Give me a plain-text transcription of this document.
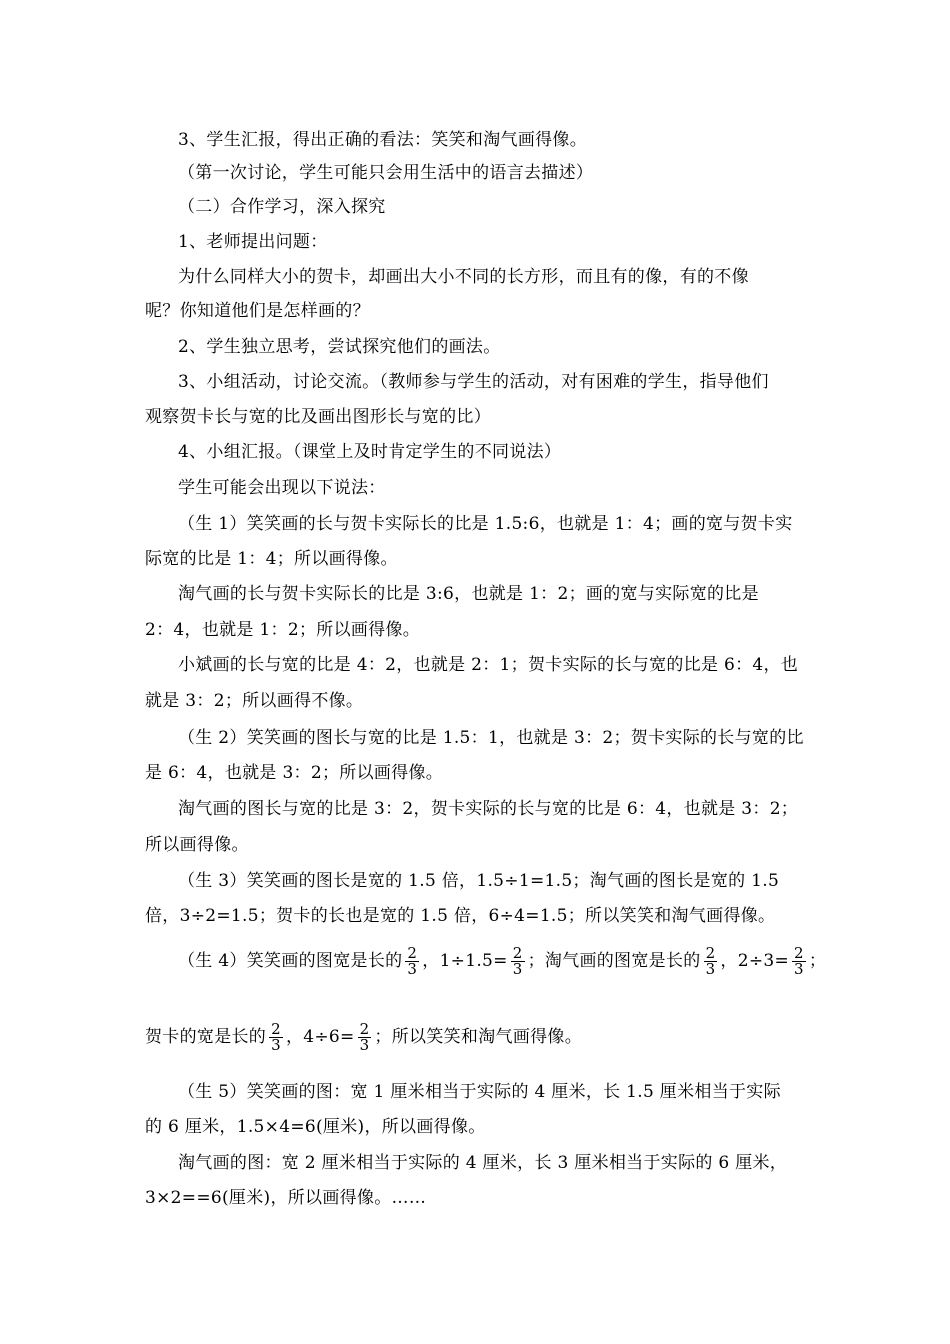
3、学生汇报，得出正确的看法：笑笑和淘气画得像。
（第一次讨论，学生可能只会用生活中的语言去描述）
（二）合作学习，深入探究
1、老师提出问题：
为什么同样大小的贺卡，却画出大小不同的长方形，而且有的像，有的不像
呢？你知道他们是怎样画的？
2、学生独立思考，尝试探究他们的画法。
3、小组活动，讨论交流。（教师参与学生的活动，对有困难的学生，指导他们
观察贺卡长与宽的比及画出图形长与宽的比）
4、小组汇报。（课堂上及时肯定学生的不同说法）
学生可能会出现以下说法：
（生 1）笑笑画的长与贺卡实际长的比是 1.5:6，也就是 1：4；画的宽与贺卡实
际宽的比是 1：4；所以画得像。
淘气画的长与贺卡实际长的比是 3:6，也就是 1：2；画的宽与实际宽的比是
2：4，也就是 1：2；所以画得像。
小斌画的长与宽的比是 4：2，也就是 2：1；贺卡实际的长与宽的比是 6：4，也
就是 3：2；所以画得不像。
（生 2）笑笑画的图长与宽的比是 1.5：1，也就是 3：2；贺卡实际的长与宽的比
是 6：4，也就是 3：2；所以画得像。
淘气画的图长与宽的比是 3：2，贺卡实际的长与宽的比是 6：4，也就是 3：2；
所以画得像。
（生 3）笑笑画的图长是宽的 1.5 倍，1.5÷1=1.5；淘气画的图长是宽的 1.5
倍，3÷2=1.5；贺卡的长也是宽的 1.5 倍，6÷4=1.5；所以笑笑和淘气画得像。
（生 4）笑笑画的图宽是长的 $\frac{2}{3}$ ，$1\div 1.5= \frac{2}{3}$ ；淘气画的图宽是长的 $\frac{2}{3}$ ，$2\div 3= \frac{2}{3}$ ；
贺卡的宽是长的 $\frac{2}{3}$ ，$4\div 6= \frac{2}{3}$ ；所以笑笑和淘气画得像。
（生 5）笑笑画的图：宽 1 厘米相当于实际的 4 厘米，长 1.5 厘米相当于实际
的 6 厘米，1.5×4=6(厘米)，所以画得像。
淘气画的图：宽 2 厘米相当于实际的 4 厘米，长 3 厘米相当于实际的 6 厘米，
3×2==6(厘米)，所以画得像。……
